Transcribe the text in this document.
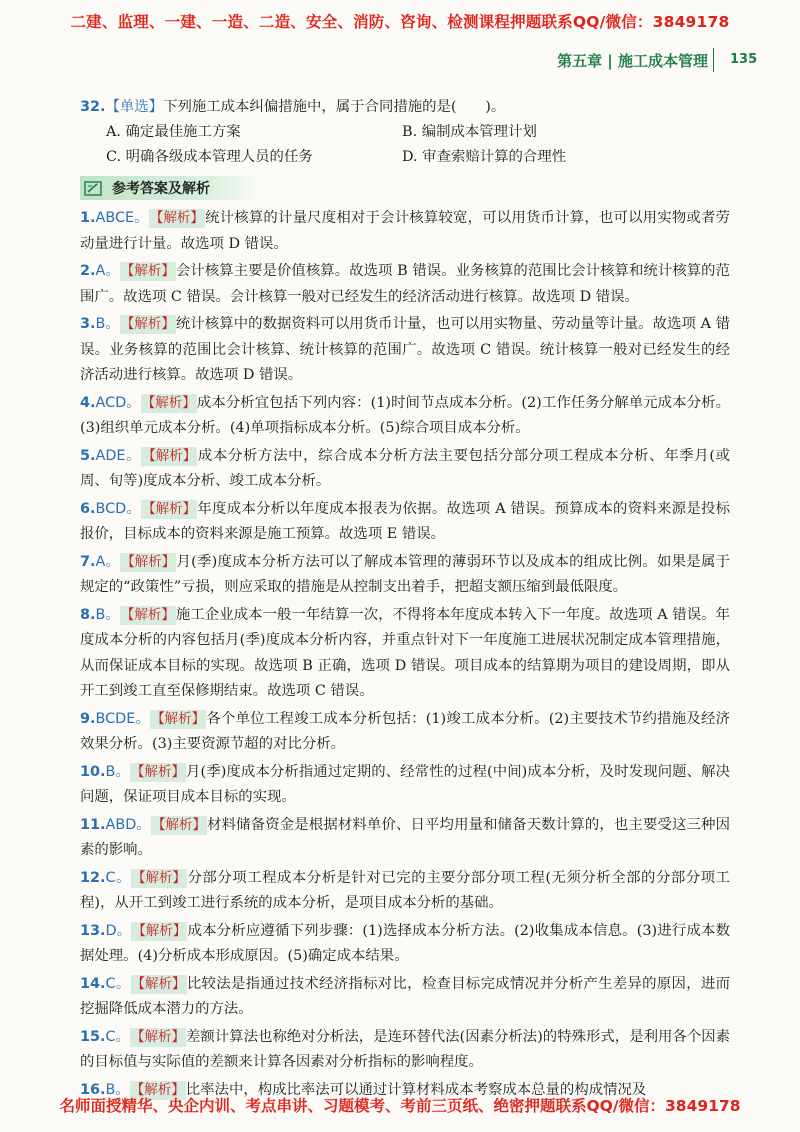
二建、监理、一建、一造、二造、安全、消防、咨询、检测课程押题联系QQ/微信：3849178
第五章 | 施工成本管理 135
32.【单选】下列施工成本纠偏措施中，属于合同措施的是(　　)。
A. 确定最佳施工方案	B. 编制成本管理计划
C. 明确各级成本管理人员的任务	D. 审查索赔计算的合理性
参考答案及解析
1.ABCE。【解析】统计核算的计量尺度相对于会计核算较宽，可以用货币计算，也可以用实物或者劳动量进行计量。故选项 D 错误。
2.A。【解析】会计核算主要是价值核算。故选项 B 错误。业务核算的范围比会计核算和统计核算的范围广。故选项 C 错误。会计核算一般对已经发生的经济活动进行核算。故选项 D 错误。
3.B。【解析】统计核算中的数据资料可以用货币计量，也可以用实物量、劳动量等计量。故选项 A 错误。业务核算的范围比会计核算、统计核算的范围广。故选项 C 错误。统计核算一般对已经发生的经济活动进行核算。故选项 D 错误。
4.ACD。【解析】成本分析宜包括下列内容：(1)时间节点成本分析。(2)工作任务分解单元成本分析。(3)组织单元成本分析。(4)单项指标成本分析。(5)综合项目成本分析。
5.ADE。【解析】成本分析方法中，综合成本分析方法主要包括分部分项工程成本分析、年季月(或周、旬等)度成本分析、竣工成本分析。
6.BCD。【解析】年度成本分析以年度成本报表为依据。故选项 A 错误。预算成本的资料来源是投标报价，目标成本的资料来源是施工预算。故选项 E 错误。
7.A。【解析】月(季)度成本分析方法可以了解成本管理的薄弱环节以及成本的组成比例。如果是属于规定的“政策性”亏损，则应采取的措施是从控制支出着手，把超支额压缩到最低限度。
8.B。【解析】施工企业成本一般一年结算一次，不得将本年度成本转入下一年度。故选项 A 错误。年度成本分析的内容包括月(季)度成本分析内容，并重点针对下一年度施工进展状况制定成本管理措施，从而保证成本目标的实现。故选项 B 正确，选项 D 错误。项目成本的结算期为项目的建设周期，即从开工到竣工直至保修期结束。故选项 C 错误。
9.BCDE。【解析】各个单位工程竣工成本分析包括：(1)竣工成本分析。(2)主要技术节约措施及经济效果分析。(3)主要资源节超的对比分析。
10.B。【解析】月(季)度成本分析指通过定期的、经常性的过程(中间)成本分析，及时发现问题、解决问题，保证项目成本目标的实现。
11.ABD。【解析】材料储备资金是根据材料单价、日平均用量和储备天数计算的，也主要受这三种因素的影响。
12.C。【解析】分部分项工程成本分析是针对已完的主要分部分项工程(无须分析全部的分部分项工程)，从开工到竣工进行系统的成本分析，是项目成本分析的基础。
13.D。【解析】成本分析应遵循下列步骤：(1)选择成本分析方法。(2)收集成本信息。(3)进行成本数据处理。(4)分析成本形成原因。(5)确定成本结果。
14.C。【解析】比较法是指通过技术经济指标对比，检查目标完成情况并分析产生差异的原因，进而挖掘降低成本潜力的方法。
15.C。【解析】差额计算法也称绝对分析法，是连环替代法(因素分析法)的特殊形式，是利用各个因素的目标值与实际值的差额来计算各因素对分析指标的影响程度。
16.B。【解析】比率法中，构成比率法可以通过计算材料成本考察成本总量的构成情况及
名师面授精华、央企内训、考点串讲、习题模考、考前三页纸、绝密押题联系QQ/微信：3849178
